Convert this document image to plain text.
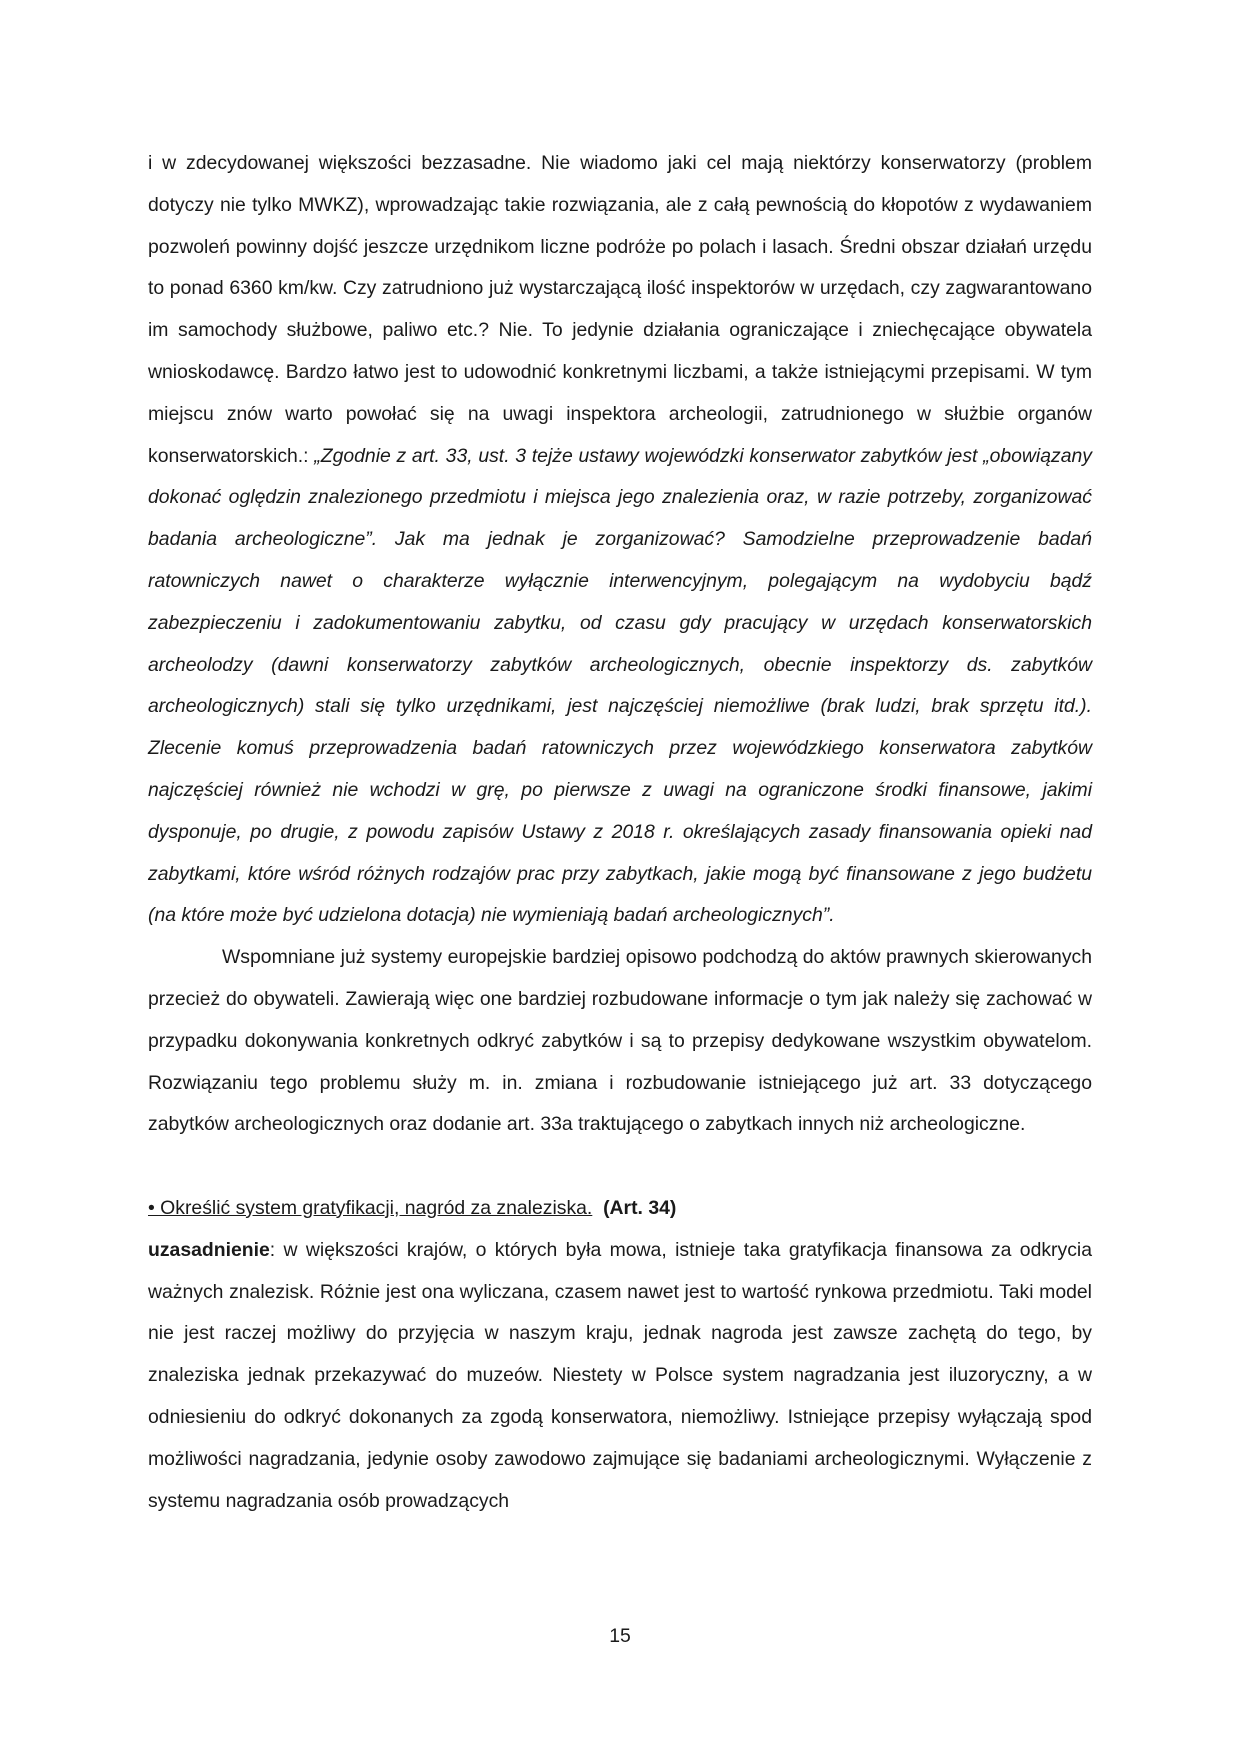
i w zdecydowanej większości bezzasadne. Nie wiadomo jaki cel mają niektórzy konserwatorzy (problem dotyczy nie tylko MWKZ), wprowadzając takie rozwiązania, ale z całą pewnością do kłopotów z wydawaniem pozwoleń powinny dojść jeszcze urzędnikom liczne podróże po polach i lasach. Średni obszar działań urzędu to ponad 6360 km/kw. Czy zatrudniono już wystarczającą ilość inspektorów w urzędach, czy zagwarantowano im samochody służbowe, paliwo etc.? Nie. To jedynie działania ograniczające i zniechęcające obywatela wnioskodawcę. Bardzo łatwo jest to udowodnić konkretnymi liczbami, a także istniejącymi przepisami. W tym miejscu znów warto powołać się na uwagi inspektora archeologii, zatrudnionego w służbie organów konserwatorskich.: „Zgodnie z art. 33, ust. 3 tejże ustawy wojewódzki konserwator zabytków jest „obowiązany dokonać oględzin znalezionego przedmiotu i miejsca jego znalezienia oraz, w razie potrzeby, zorganizować badania archeologiczne”. Jak ma jednak je zorganizować? Samodzielne przeprowadzenie badań ratowniczych nawet o charakterze wyłącznie interwencyjnym, polegającym na wydobyciu bądź zabezpieczeniu i zadokumentowaniu zabytku, od czasu gdy pracujący w urzędach konserwatorskich archeolodzy (dawni konserwatorzy zabytków archeologicznych, obecnie inspektorzy ds. zabytków archeologicznych) stali się tylko urzędnikami, jest najczęściej niemożliwe (brak ludzi, brak sprzętu itd.). Zlecenie komuś przeprowadzenia badań ratowniczych przez wojewódzkiego konserwatora zabytków najczęściej również nie wchodzi w grę, po pierwsze z uwagi na ograniczone środki finansowe, jakimi dysponuje, po drugie, z powodu zapisów Ustawy z 2018 r. określających zasady finansowania opieki nad zabytkami, które wśród różnych rodzajów prac przy zabytkach, jakie mogą być finansowane z jego budżetu (na które może być udzielona dotacja) nie wymieniają badań archeologicznych”.

Wspomniane już systemy europejskie bardziej opisowo podchodzą do aktów prawnych skierowanych przecież do obywateli. Zawierają więc one bardziej rozbudowane informacje o tym jak należy się zachować w przypadku dokonywania konkretnych odkryć zabytków i są to przepisy dedykowane wszystkim obywatelom. Rozwiązaniu tego problemu służy m. in. zmiana i rozbudowanie istniejącego już art. 33 dotyczącego zabytków archeologicznych oraz dodanie art. 33a traktującego o zabytkach innych niż archeologiczne.

• Określić system gratyfikacji, nagród za znaleziska. (Art. 34)

uzasadnienie: w większości krajów, o których była mowa, istnieje taka gratyfikacja finansowa za odkrycia ważnych znalezisk. Różnie jest ona wyliczana, czasem nawet jest to wartość rynkowa przedmiotu. Taki model nie jest raczej możliwy do przyjęcia w naszym kraju, jednak nagroda jest zawsze zachętą do tego, by znaleziska jednak przekazywać do muzeów. Niestety w Polsce system nagradzania jest iluzoryczny, a w odniesieniu do odkryć dokonanych za zgodą konserwatora, niemożliwy. Istniejące przepisy wyłączają spod możliwości nagradzania, jedynie osoby zawodowo zajmujące się badaniami archeologicznymi. Wyłączenie z systemu nagradzania osób prowadzących

15
